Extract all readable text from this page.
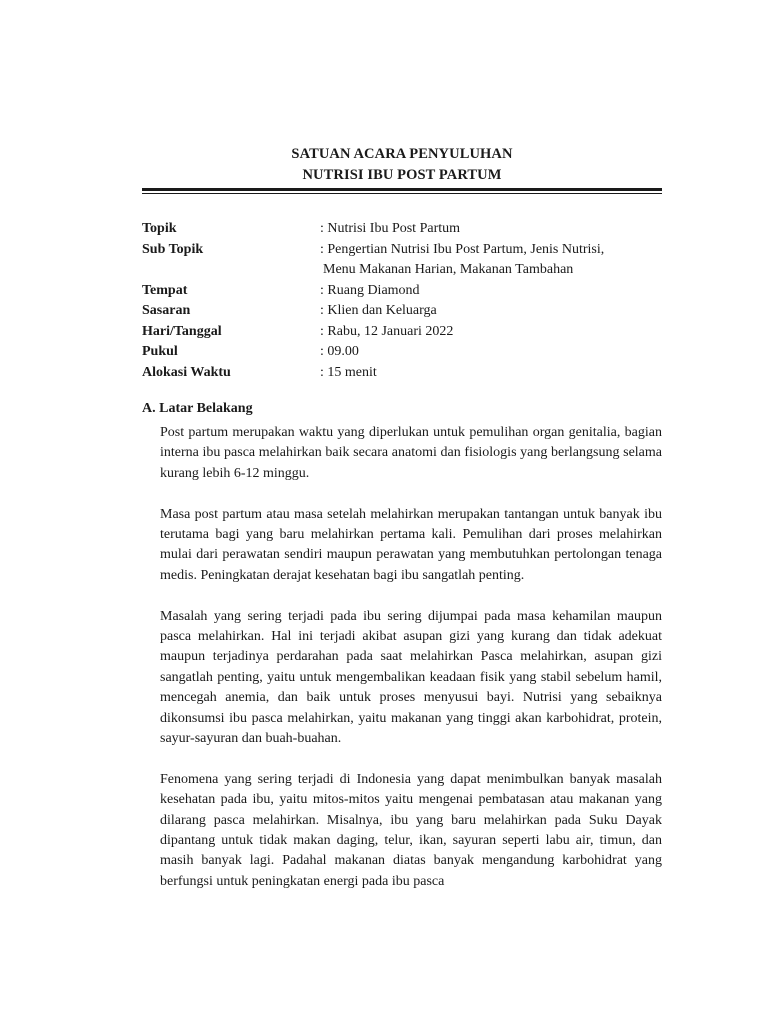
SATUAN ACARA PENYULUHAN
NUTRISI IBU POST PARTUM
Topik	: Nutrisi Ibu Post Partum
Sub Topik	: Pengertian Nutrisi Ibu Post Partum, Jenis Nutrisi,
Menu Makanan Harian, Makanan Tambahan
Tempat	: Ruang Diamond
Sasaran	: Klien dan Keluarga
Hari/Tanggal	: Rabu, 12 Januari 2022
Pukul	: 09.00
Alokasi Waktu	: 15 menit
A. Latar Belakang

Post partum merupakan waktu yang diperlukan untuk pemulihan organ genitalia, bagian interna ibu pasca melahirkan baik secara anatomi dan fisiologis yang berlangsung selama kurang lebih 6-12 minggu.

Masa post partum atau masa setelah melahirkan merupakan tantangan untuk banyak ibu terutama bagi yang baru melahirkan pertama kali. Pemulihan dari proses melahirkan mulai dari perawatan sendiri maupun perawatan yang membutuhkan pertolongan tenaga medis. Peningkatan derajat kesehatan bagi ibu sangatlah penting.

Masalah yang sering terjadi pada ibu sering dijumpai pada masa kehamilan maupun pasca melahirkan. Hal ini terjadi akibat asupan gizi yang kurang dan tidak adekuat maupun terjadinya perdarahan pada saat melahirkan Pasca melahirkan, asupan gizi sangatlah penting, yaitu untuk mengembalikan keadaan fisik yang stabil sebelum hamil, mencegah anemia, dan baik untuk proses menyusui bayi. Nutrisi yang sebaiknya dikonsumsi ibu pasca melahirkan, yaitu makanan yang tinggi akan karbohidrat, protein, sayur-sayuran dan buah-buahan.

Fenomena yang sering terjadi di Indonesia yang dapat menimbulkan banyak masalah kesehatan pada ibu, yaitu mitos-mitos yaitu mengenai pembatasan atau makanan yang dilarang pasca melahirkan. Misalnya, ibu yang baru melahirkan pada Suku Dayak dipantang untuk tidak makan daging, telur, ikan, sayuran seperti labu air, timun, dan masih banyak lagi. Padahal makanan diatas banyak mengandung karbohidrat yang berfungsi untuk peningkatan energi pada ibu pasca
